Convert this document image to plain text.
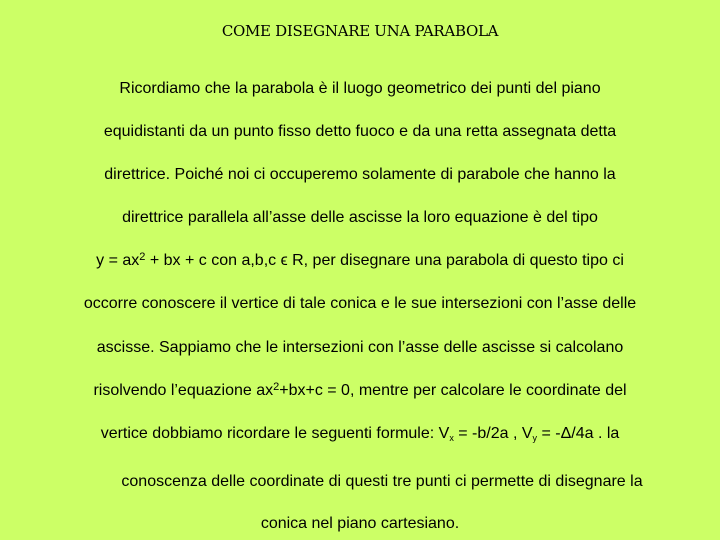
COME DISEGNARE UNA PARABOLA
Ricordiamo che la parabola è il luogo geometrico dei punti del piano
equidistanti da un punto fisso detto fuoco e da una retta assegnata detta
direttrice. Poiché noi ci occuperemo solamente di parabole che hanno la
direttrice parallela all’asse delle ascisse la loro equazione è del tipo
$y = ax^2$ + bx + c con a,b,c ϵ R, per disegnare una parabola di questo tipo ci
occorre conoscere il vertice di tale conica e le sue intersezioni con l’asse delle
ascisse. Sappiamo che le intersezioni con l’asse delle ascisse si calcolano
risolvendo l’equazione $ax^2+bx+c = 0$, mentre per calcolare le coordinate del
vertice dobbiamo ricordare le seguenti formule: $V_x = -b/2a$ , $V_y = -\Delta/4a$ . la
conoscenza delle coordinate di questi tre punti ci permette di disegnare la
conica nel piano cartesiano.
